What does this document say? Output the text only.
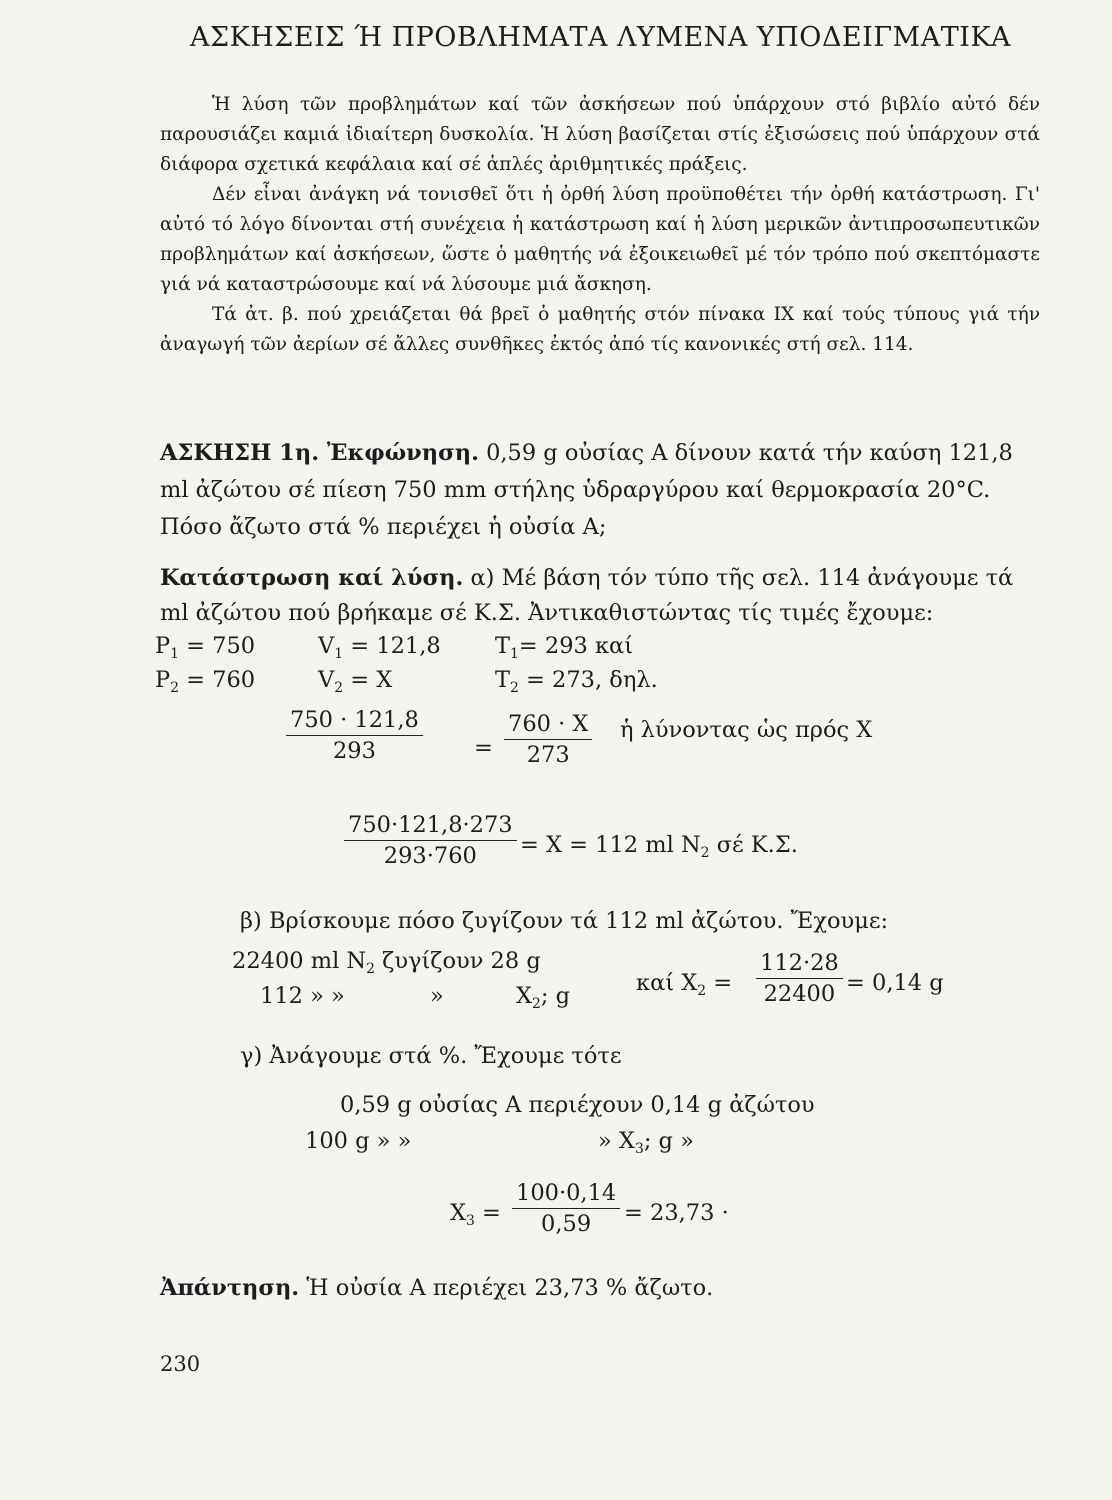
ΑΣΚΗΣΕΙΣ Ή ΠΡΟΒΛΗΜΑΤΑ ΛΥΜΕΝΑ ΥΠΟΔΕΙΓΜΑΤΙΚΑ

Ἡ λύση τῶν προβλημάτων καί τῶν ἀσκήσεων πού ὑπάρχουν στό βιβλίο αὐτό δέν παρουσιάζει καμιά ἰδιαίτερη δυσκολία. Ἡ λύση βασίζεται στίς ἐξισώσεις πού ὑπάρχουν στά διάφορα σχετικά κεφάλαια καί σέ ἁπλές ἀριθμητικές πράξεις.

Δέν εἶναι ἀνάγκη νά τονισθεῖ ὅτι ἡ ὀρθή λύση προϋποθέτει τήν ὀρθή κατάστρωση. Γι' αὐτό τό λόγο δίνονται στή συνέχεια ἡ κατάστρωση καί ἡ λύση μερικῶν ἀντιπροσωπευτικῶν προβλημάτων καί ἀσκήσεων, ὥστε ὁ μαθητής νά ἐξοικειωθεῖ μέ τόν τρόπο πού σκεπτόμαστε γιά νά καταστρώσουμε καί νά λύσουμε μιά ἄσκηση.

Τά ἀτ. β. πού χρειάζεται θά βρεῖ ὁ μαθητής στόν πίνακα IX καί τούς τύπους γιά τήν ἀναγωγή τῶν ἀερίων σέ ἄλλες συνθῆκες ἐκτός ἀπό τίς κανονικές στή σελ. 114.

ΑΣΚΗΣΗ 1η. Ἐκφώνηση. 0,59 g οὐσίας Α δίνουν κατά τήν καύση 121,8
ml ἀζώτου σέ πίεση 750 mm στήλης ὑδραργύρου καί θερμοκρασία 20°C.
Πόσο ἄζωτο στά % περιέχει ἡ οὐσία Α;
Κατάστρωση καί λύση. α) Μέ βάση τόν τύπο τῆς σελ. 114 ἀνάγουμε τά
ml ἀζώτου πού βρήκαμε σέ Κ.Σ. Ἀντικαθιστώντας τίς τιμές ἔχουμε:
$P_1 = 750$	$V_1 = 121,8$ $T_1= 293$ καί
$P_2 = 760$	$V_2 = X$	$T_2 = 273$, δηλ.
$\frac{750 \cdot 121,8}{293} = \frac{760 \cdot X}{273}$ ἡ λύνοντας ὡς πρός Χ
$\frac{750\cdot 121,8\cdot 273}{293\cdot 760} = X = 112$ ml $N_2$ σέ Κ.Σ.
β) Βρίσκουμε πόσο ζυγίζουν τά 112 ml ἀζώτου. Ἔχουμε:
22400 ml $N_2$ ζυγίζουν 28 g
112 » »	»	$X_2$; g	καί $X_2 = \frac{112\cdot 28}{22400} = 0,14$ g
γ) Ἀνάγουμε στά %. Ἔχουμε τότε
0,59 g οὐσίας Α περιέχουν 0,14 g ἀζώτου
100 g » »	» $X_3$; g »
$X_3 = \frac{100\cdot 0,14}{0,59} = 23,73$ ·
Ἀπάντηση. Ἡ οὐσία Α περιέχει 23,73 % ἄζωτο.
230
